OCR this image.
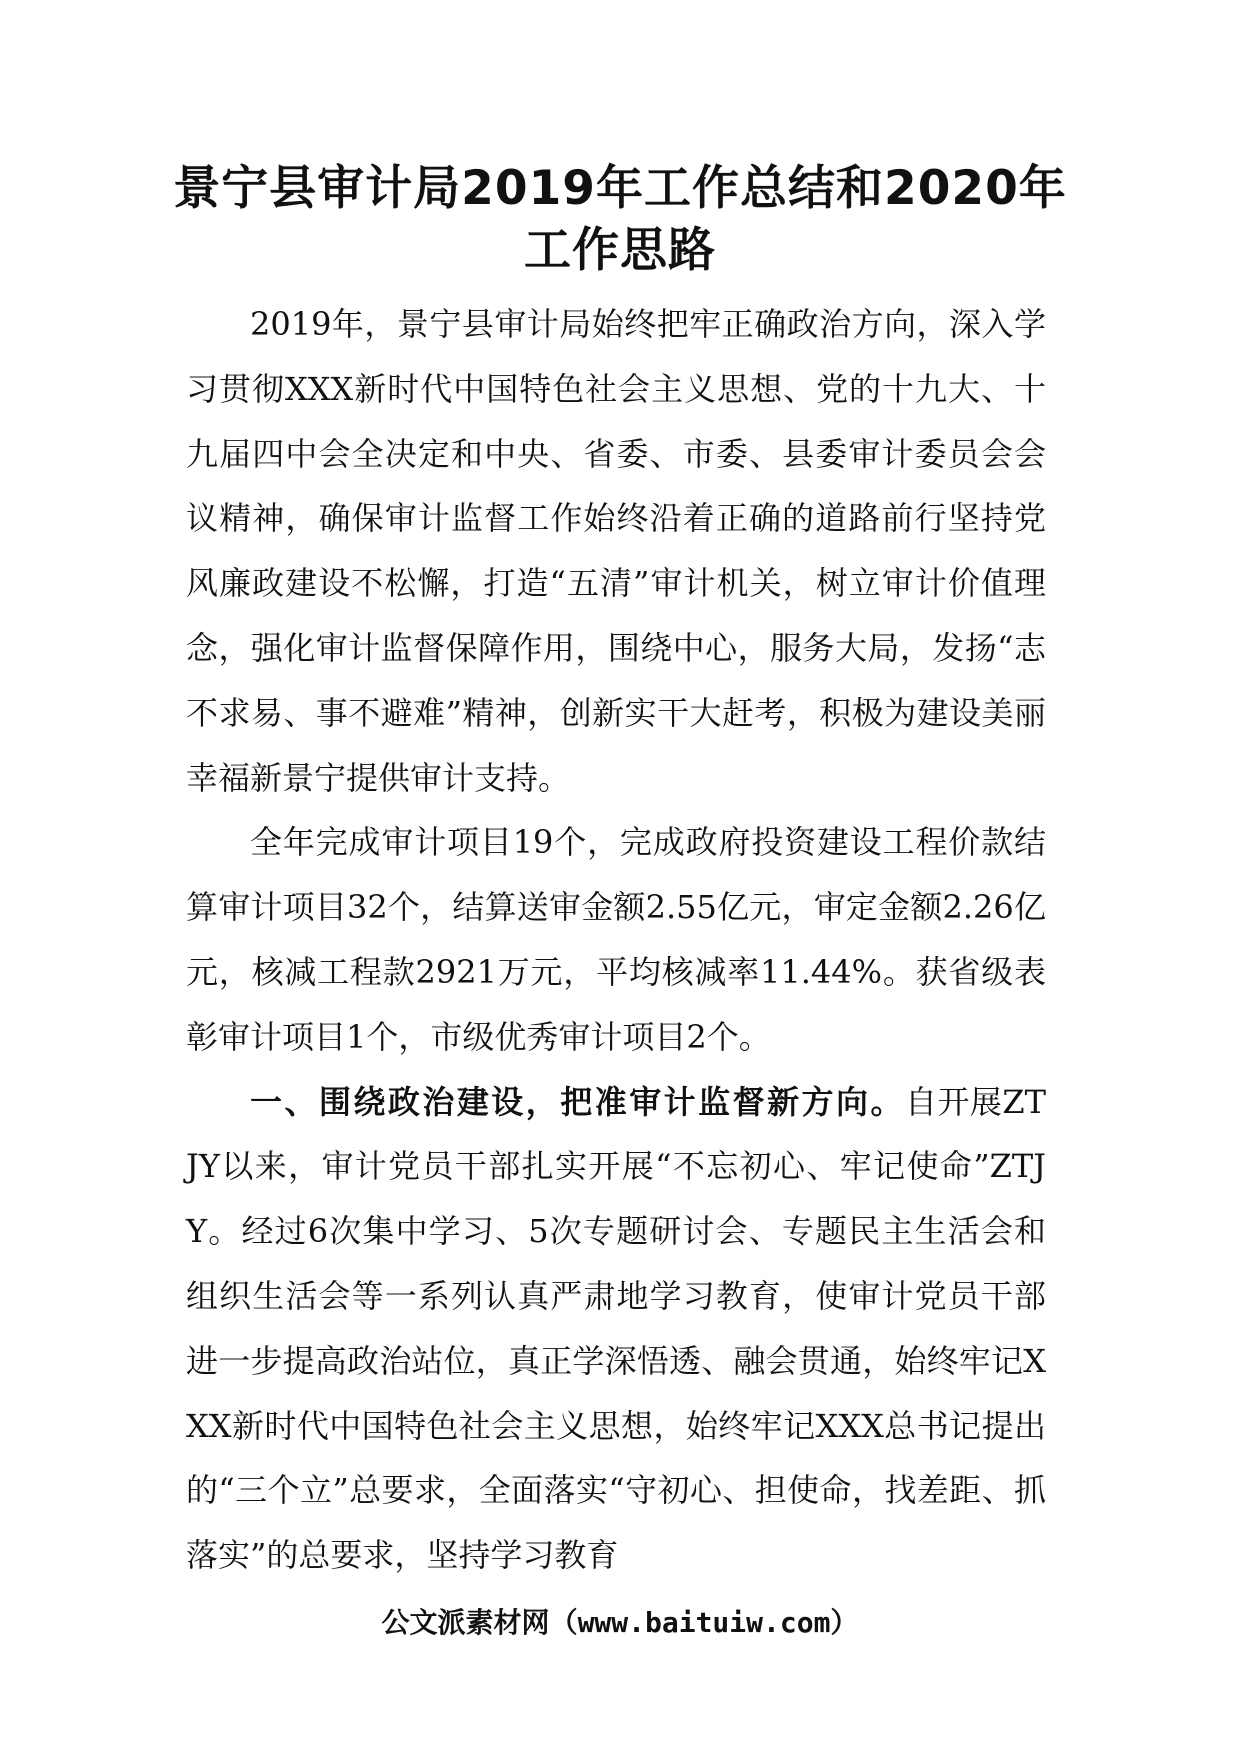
景宁县审计局2019年工作总结和2020年工作思路

2019年，景宁县审计局始终把牢正确政治方向，深入学习贯彻XXX新时代中国特色社会主义思想、党的十九大、十九届四中会全决定和中央、省委、市委、县委审计委员会会议精神，确保审计监督工作始终沿着正确的道路前行坚持党风廉政建设不松懈，打造“五清”审计机关，树立审计价值理念，强化审计监督保障作用，围绕中心，服务大局，发扬“志不求易、事不避难”精神，创新实干大赶考，积极为建设美丽幸福新景宁提供审计支持。

全年完成审计项目19个，完成政府投资建设工程价款结算审计项目32个，结算送审金额2.55亿元，审定金额2.26亿元，核减工程款2921万元，平均核减率11.44%。获省级表彰审计项目1个，市级优秀审计项目2个。

一、围绕政治建设，把准审计监督新方向。自开展ZTJY以来，审计党员干部扎实开展“不忘初心、牢记使命”ZTJY。经过6次集中学习、5次专题研讨会、专题民主生活会和组织生活会等一系列认真严肃地学习教育，使审计党员干部进一步提高政治站位，真正学深悟透、融会贯通，始终牢记XXX新时代中国特色社会主义思想，始终牢记XXX总书记提出的“三个立”总要求，全面落实“守初心、担使命，找差距、抓落实”的总要求，坚持学习教育

公文派素材网（www.baituiw.com）
